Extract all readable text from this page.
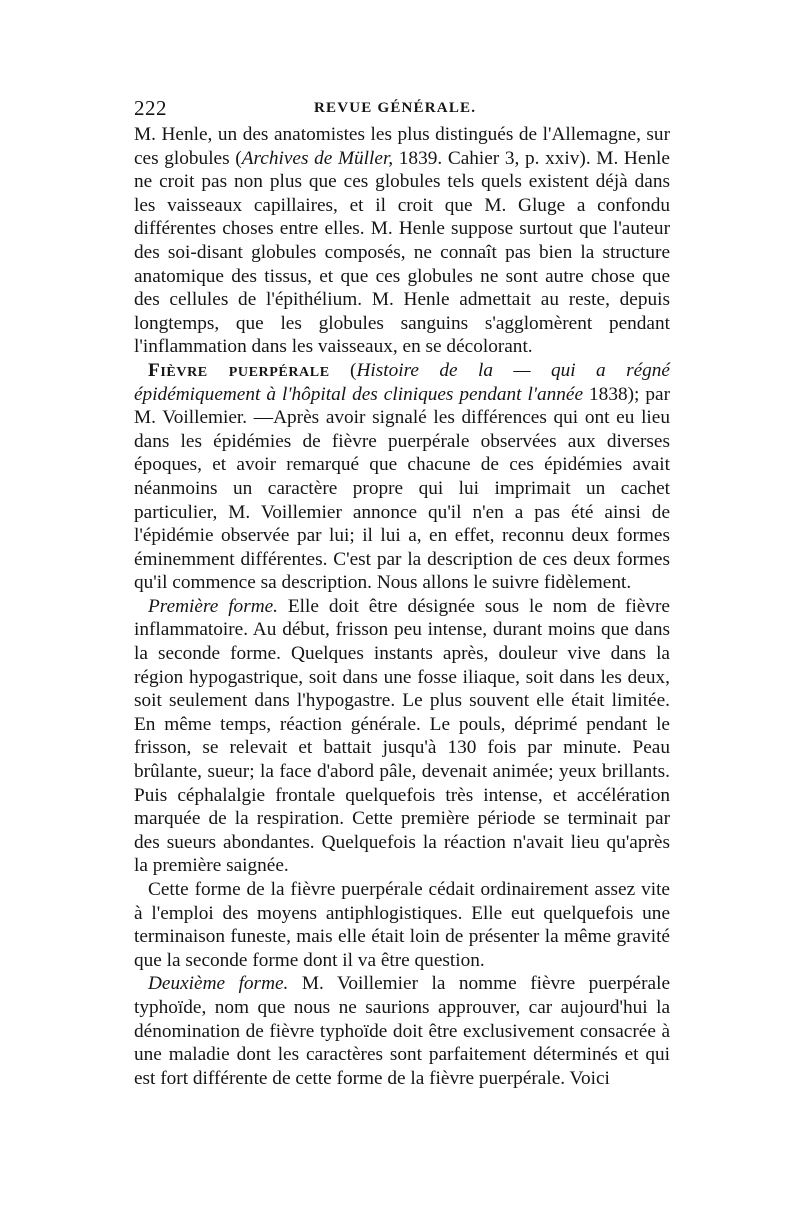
222	REVUE GÉNÉRALE.

M. Henle, un des anatomistes les plus distingués de l'Allemagne, sur ces globules (Archives de Müller, 1839. Cahier 3, p. xxiv). M. Henle ne croit pas non plus que ces globules tels quels existent déjà dans les vaisseaux capillaires, et il croit que M. Gluge a confondu différentes choses entre elles. M. Henle suppose surtout que l'auteur des soi-disant globules composés, ne connaît pas bien la structure anatomique des tissus, et que ces globules ne sont autre chose que des cellules de l'épithélium. M. Henle admettait au reste, depuis longtemps, que les globules sanguins s'agglomèrent pendant l'inflammation dans les vaisseaux, en se décolorant.

Fièvre puerpérale (Histoire de la — qui a régné épidémiquement à l'hôpital des cliniques pendant l'année 1838); par M. Voillemier. —Après avoir signalé les différences qui ont eu lieu dans les épidémies de fièvre puerpérale observées aux diverses époques, et avoir remarqué que chacune de ces épidémies avait néanmoins un caractère propre qui lui imprimait un cachet particulier, M. Voillemier annonce qu'il n'en a pas été ainsi de l'épidémie observée par lui; il lui a, en effet, reconnu deux formes éminemment différentes. C'est par la description de ces deux formes qu'il commence sa description. Nous allons le suivre fidèlement.

Première forme. Elle doit être désignée sous le nom de fièvre inflammatoire. Au début, frisson peu intense, durant moins que dans la seconde forme. Quelques instants après, douleur vive dans la région hypogastrique, soit dans une fosse iliaque, soit dans les deux, soit seulement dans l'hypogastre. Le plus souvent elle était limitée. En même temps, réaction générale. Le pouls, déprimé pendant le frisson, se relevait et battait jusqu'à 130 fois par minute. Peau brûlante, sueur; la face d'abord pâle, devenait animée; yeux brillants. Puis céphalalgie frontale quelquefois très intense, et accélération marquée de la respiration. Cette première période se terminait par des sueurs abondantes. Quelquefois la réaction n'avait lieu qu'après la première saignée.

Cette forme de la fièvre puerpérale cédait ordinairement assez vite à l'emploi des moyens antiphlogistiques. Elle eut quelquefois une terminaison funeste, mais elle était loin de présenter la même gravité que la seconde forme dont il va être question.

Deuxième forme. M. Voillemier la nomme fièvre puerpérale typhoïde, nom que nous ne saurions approuver, car aujourd'hui la dénomination de fièvre typhoïde doit être exclusivement consacrée à une maladie dont les caractères sont parfaitement déterminés et qui est fort différente de cette forme de la fièvre puerpérale. Voici
